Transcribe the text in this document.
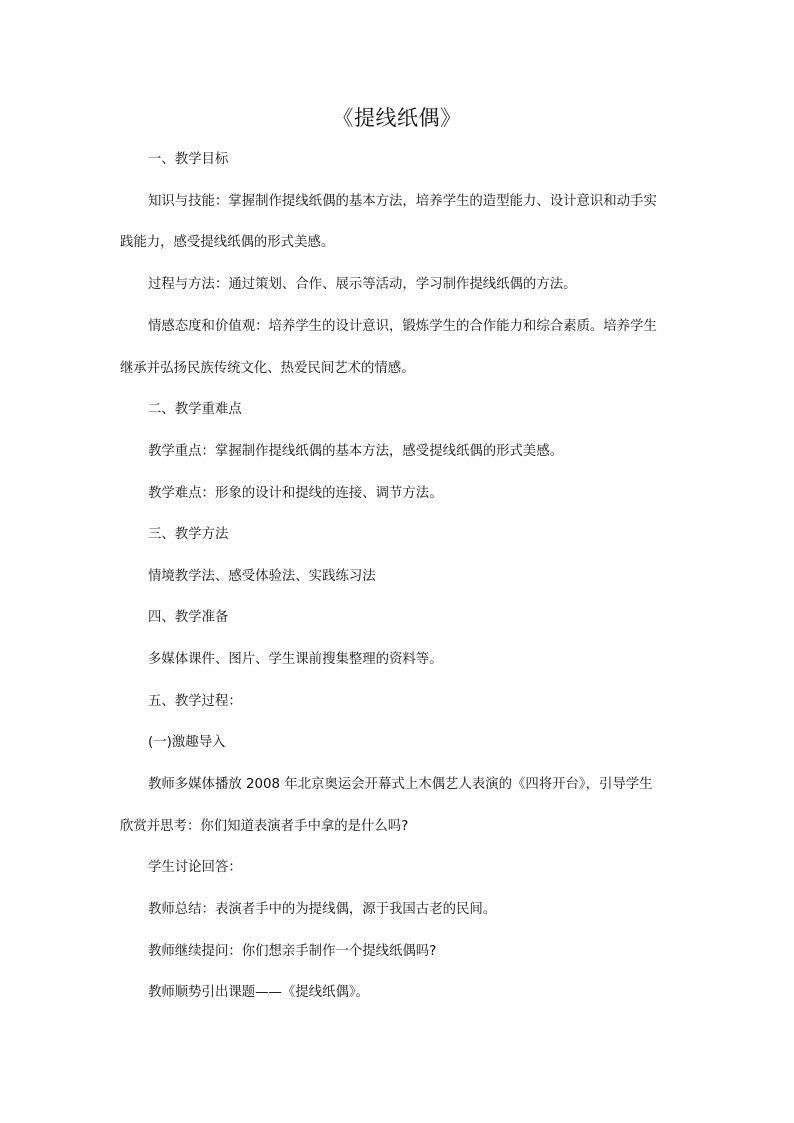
《提线纸偶》
一、教学目标
知识与技能：掌握制作提线纸偶的基本方法，培养学生的造型能力、设计意识和动手实
践能力，感受提线纸偶的形式美感。
过程与方法：通过策划、合作、展示等活动，学习制作提线纸偶的方法。
情感态度和价值观：培养学生的设计意识，锻炼学生的合作能力和综合素质。培养学生
继承并弘扬民族传统文化、热爱民间艺术的情感。
二、教学重难点
教学重点：掌握制作提线纸偶的基本方法，感受提线纸偶的形式美感。
教学难点：形象的设计和提线的连接、调节方法。
三、教学方法
情境教学法、感受体验法、实践练习法
四、教学准备
多媒体课件、图片、学生课前搜集整理的资料等。
五、教学过程：
(一)激趣导入
教师多媒体播放 2008 年北京奥运会开幕式上木偶艺人表演的《四将开台》，引导学生
欣赏并思考：你们知道表演者手中拿的是什么吗?
学生讨论回答：
教师总结：表演者手中的为提线偶，源于我国古老的民间。
教师继续提问：你们想亲手制作一个提线纸偶吗?
教师顺势引出课题——《提线纸偶》。
